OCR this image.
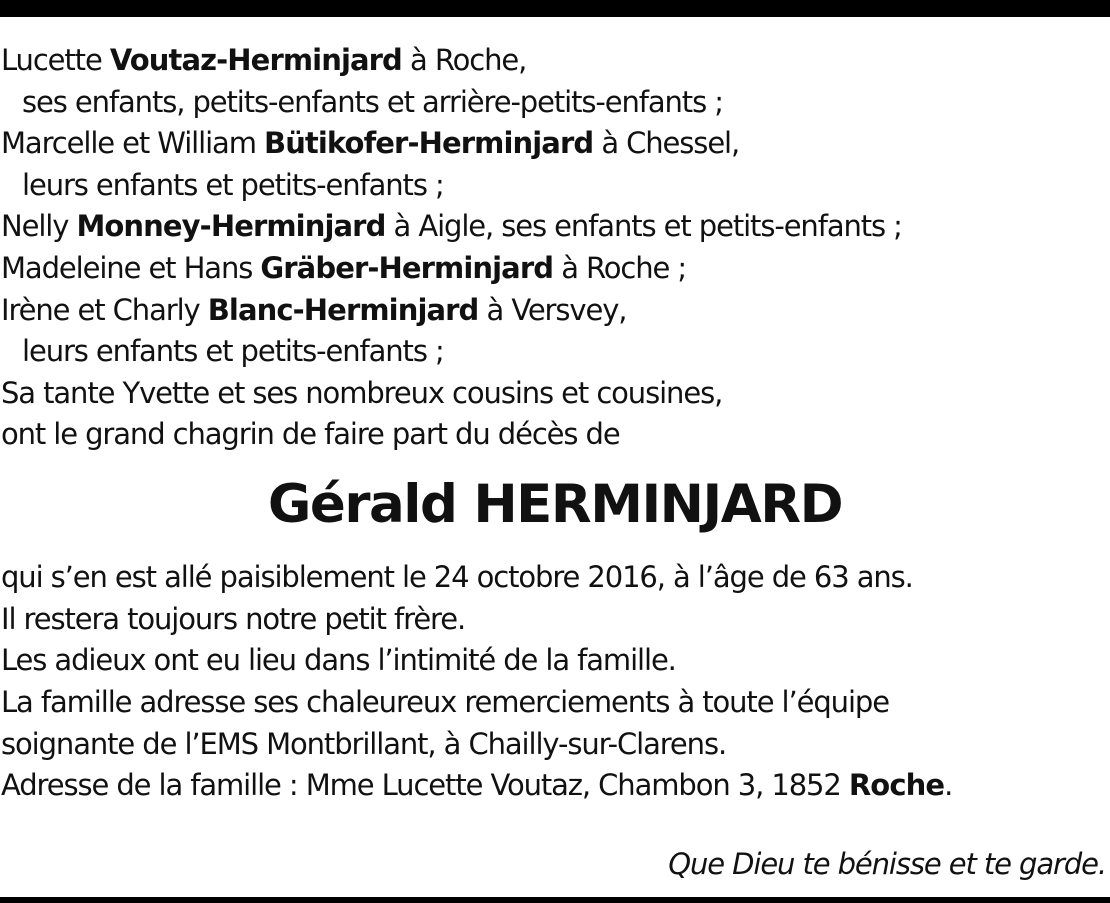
Lucette Voutaz-Herminjard à Roche,
ses enfants, petits-enfants et arrière-petits-enfants ;
Marcelle et William Bütikofer-Herminjard à Chessel,
leurs enfants et petits-enfants ;
Nelly Monney-Herminjard à Aigle, ses enfants et petits-enfants ;
Madeleine et Hans Gräber-Herminjard à Roche ;
Irène et Charly Blanc-Herminjard à Versvey,
leurs enfants et petits-enfants ;
Sa tante Yvette et ses nombreux cousins et cousines,
ont le grand chagrin de faire part du décès de
Gérald HERMINJARD
qui s’en est allé paisiblement le 24 octobre 2016, à l’âge de 63 ans.
Il restera toujours notre petit frère.
Les adieux ont eu lieu dans l’intimité de la famille.
La famille adresse ses chaleureux remerciements à toute l’équipe
soignante de l’EMS Montbrillant, à Chailly-sur-Clarens.
Adresse de la famille : Mme Lucette Voutaz, Chambon 3, 1852 Roche.
Que Dieu te bénisse et te garde.
